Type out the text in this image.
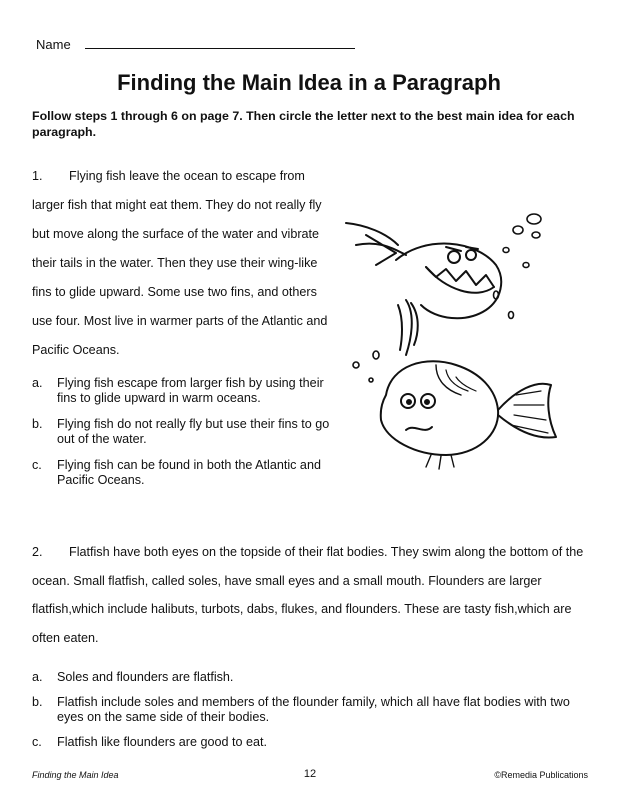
Name
Finding the Main Idea in a Paragraph

Follow steps 1 through 6 on page 7. Then circle the letter next to the best main idea for each paragraph.

1. Flying fish leave the ocean to escape from larger fish that might eat them. They do not really fly but move along the surface of the water and vibrate their tails in the water. Then they use their wing-like fins to glide upward. Some use two fins, and others use four. Most live in warmer parts of the Atlantic and Pacific Oceans.

a. Flying fish escape from larger fish by using their fins to glide upward in warm oceans.
b. Flying fish do not really fly but use their fins to go out of the water.
c. Flying fish can be found in both the Atlantic and Pacific Oceans.

2. Flatfish have both eyes on the topside of their flat bodies. They swim along the bottom of the ocean. Small flatfish, called soles, have small eyes and a small mouth. Flounders are larger flatfish,which include halibuts, turbots, dabs, flukes, and flounders. These are tasty fish,which are often eaten.

a. Soles and flounders are flatfish.
b. Flatfish include soles and members of the flounder family, which all have flat bodies with two eyes on the same side of their bodies.
c. Flatfish like flounders are good to eat.
Finding the Main Idea	12	©Remedia Publications
